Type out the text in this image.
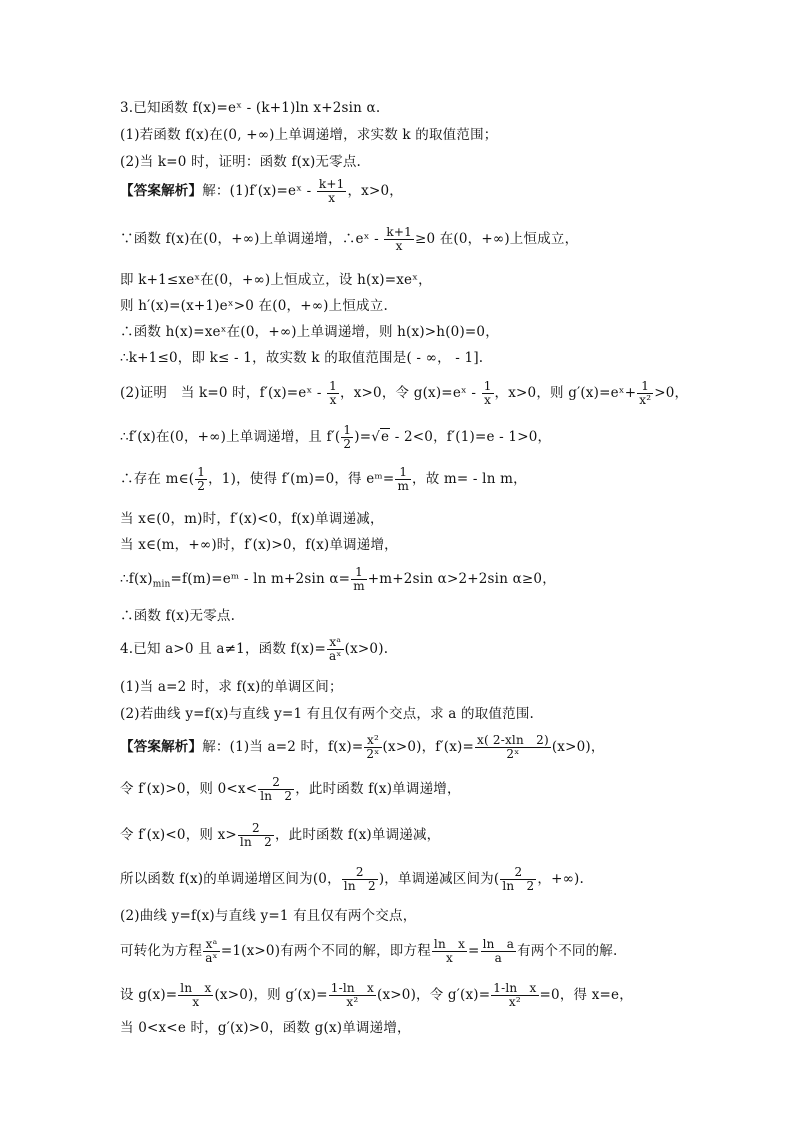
3.已知函数 f(x)=eˣ - (k+1)ln x+2sin α.
(1)若函数 f(x)在(0, +∞)上单调递增，求实数 k 的取值范围；
(2)当 k=0 时，证明：函数 f(x)无零点.
【答案解析】解：(1)f′(x)=eˣ - $\frac{k+1}{x}$ ，x>0，
∵函数 f(x)在(0，+∞)上单调递增，∴eˣ - $\frac{k+1}{x} \ge 0$ 在(0，+∞)上恒成立，
即 k+1≤xeˣ在(0，+∞)上恒成立，设 h(x)=xeˣ，
则 h′(x)=(x+1)eˣ>0 在(0，+∞)上恒成立.
∴函数 h(x)=xeˣ在(0，+∞)上单调递增，则 h(x)>h(0)=0，
∴k+1≤0，即 k≤ - 1，故实数 k 的取值范围是( - ∞， - 1].
(2)证明　当 k=0 时，f′(x)=eˣ - $\frac{1}{x}$ ，x>0，令 g(x)=eˣ - $\frac{1}{x}$ ，x>0，则 g′(x)=eˣ+ $\frac{1}{\text{x²}} >0$，
∴f′(x)在(0，+∞)上单调递增，且 $f'( \frac{1}{2} )=√e - 2<0$，f′(1)=e - 1>0，
∴存在 m∈( $\frac{1}{2}$ ，1)，使得 f′(m)=0，得 eᵐ= $\frac{1}{m}$ ，故 m= - ln m，
当 x∈(0，m)时，f′(x)<0，f(x)单调递减，
当 x∈(m，+∞)时，f′(x)>0，f(x)单调递增，
$\therefore f(x)_{min}=f(m)=eᵐ - \ln m+2\sin$ $\alpha= \frac{1}{m} +m+2\sin$ α>2+2sin α≥0，
∴函数 f(x)无零点.
4.已知 a>0 且 a≠1，函数 $f(x)= \frac{\text{xᵃ}}{\text{aˣ}} (x>0)$.
(1)当 a=2 时，求 f(x)的单调区间；
(2)若曲线 y=f(x)与直线 y=1 有且仅有两个交点，求 a 的取值范围.
【答案解析】解：(1)当 a=2 时，$f(x)= \frac{\text{x²}}{\text{2ˣ}} (x>0)$，$f'(x)= \frac{x( 2-xln 2)}{\text{2ˣ}} (x>0)$，
令 f′(x)>0，则 $0<x< \frac{2}{\ln 2}$ ，此时函数 f(x)单调递增，
令 f′(x)<0，则 $x> \frac{2}{\ln 2}$ ，此时函数 f(x)单调递减，
所以函数 f(x)的单调递增区间为(0， $\frac{2}{\ln 2}$ )，单调递减区间为( $\frac{2}{\ln 2}$ ，+∞).
(2)曲线 y=f(x)与直线 y=1 有且仅有两个交点，
可转化为方程 $\frac{\text{xᵃ}}{\text{aˣ}} =1(x>0)$有两个不同的解，即方程 $\frac{\text{ln　x}}{x} = \frac{\text{ln　a}}{a}$ 有两个不同的解.
设 $g(x)= \frac{\text{ln　x}}{x} (x>0)$，则 $g'(x)= \frac{\text{1-ln　x}}{\text{x²}} (x>0)$，令 $g'(x)= \frac{\text{1-ln　x}}{\text{x²}} =0$，得 x=e，
当 0<x<e 时，g′(x)>0，函数 g(x)单调递增，
